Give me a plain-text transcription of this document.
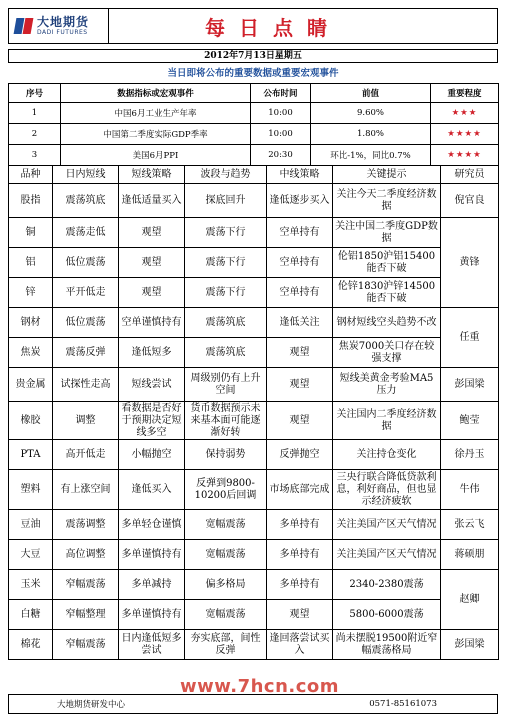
大地期货
DADI FUTURES	每日点睛
2012年7月13日星期五
当日即将公布的重要数据或重要宏观事件
序号	数据指标或宏观事件	公布时间	前值	重要程度
1	中国6月工业生产年率	10:00	9.60%	★★★
2	中国第二季度实际GDP季率	10:00	1.80%	★★★★
3	美国6月PPI	20:30	环比-1%，同比0.7%	★★★★
品种	日内短线	短线策略	波段与趋势	中线策略	关键提示	研究员
股指	震荡筑底	逢低适量买入	探底回升	逢低逐步买入	关注今天二季度经济数据	倪官良
铜	震荡走低	观望	震荡下行	空单持有	关注中国二季度GDP数据	黄锋
铝	低位震荡	观望	震荡下行	空单持有	伦铝1850沪铝15400能否下破	
锌	平开低走	观望	震荡下行	空单持有	伦锌1830沪锌14500能否下破	
钢材	低位震荡	空单谨慎持有	震荡筑底	逢低关注	钢材短线空头趋势不改	任重
焦炭	震荡反弹	逢低短多	震荡筑底	观望	焦炭7000关口存在较强支撑	
贵金属	试探性走高	短线尝试	周级别仍有上升空间	观望	短线美黄金考验MA5压力	彭国梁
橡胶	调整	看数据是否好于预期决定短线多空	货币数据预示未来基本面可能逐渐好转	观望	关注国内二季度经济数据	鲍莹
PTA	高开低走	小幅抛空	保持弱势	反弹抛空	关注持仓变化	徐丹玉
塑料	有上涨空间	逢低买入	反弹到9800-10200后回调	市场底部完成	三央行联合降低贷款利息，利好商品，但也显示经济疲软	牛伟
豆油	震荡调整	多单轻仓谨慎	宽幅震荡	多单持有	关注美国产区天气情况	张云飞
大豆	高位调整	多单谨慎持有	宽幅震荡	多单持有	关注美国产区天气情况	蒋硕朋
玉米	窄幅震荡	多单减持	偏多格局	多单持有	2340-2380震荡	赵卿
白糖	窄幅整理	多单谨慎持有	宽幅震荡	观望	5800-6000震荡	
棉花	窄幅震荡	日内逢低短多尝试	夯实底部，间性反弹	逢回落尝试买入	尚未摆脱19500附近窄幅震荡格局	彭国梁
www.7hcn.com
大地期货研发中心	0571-85161073
